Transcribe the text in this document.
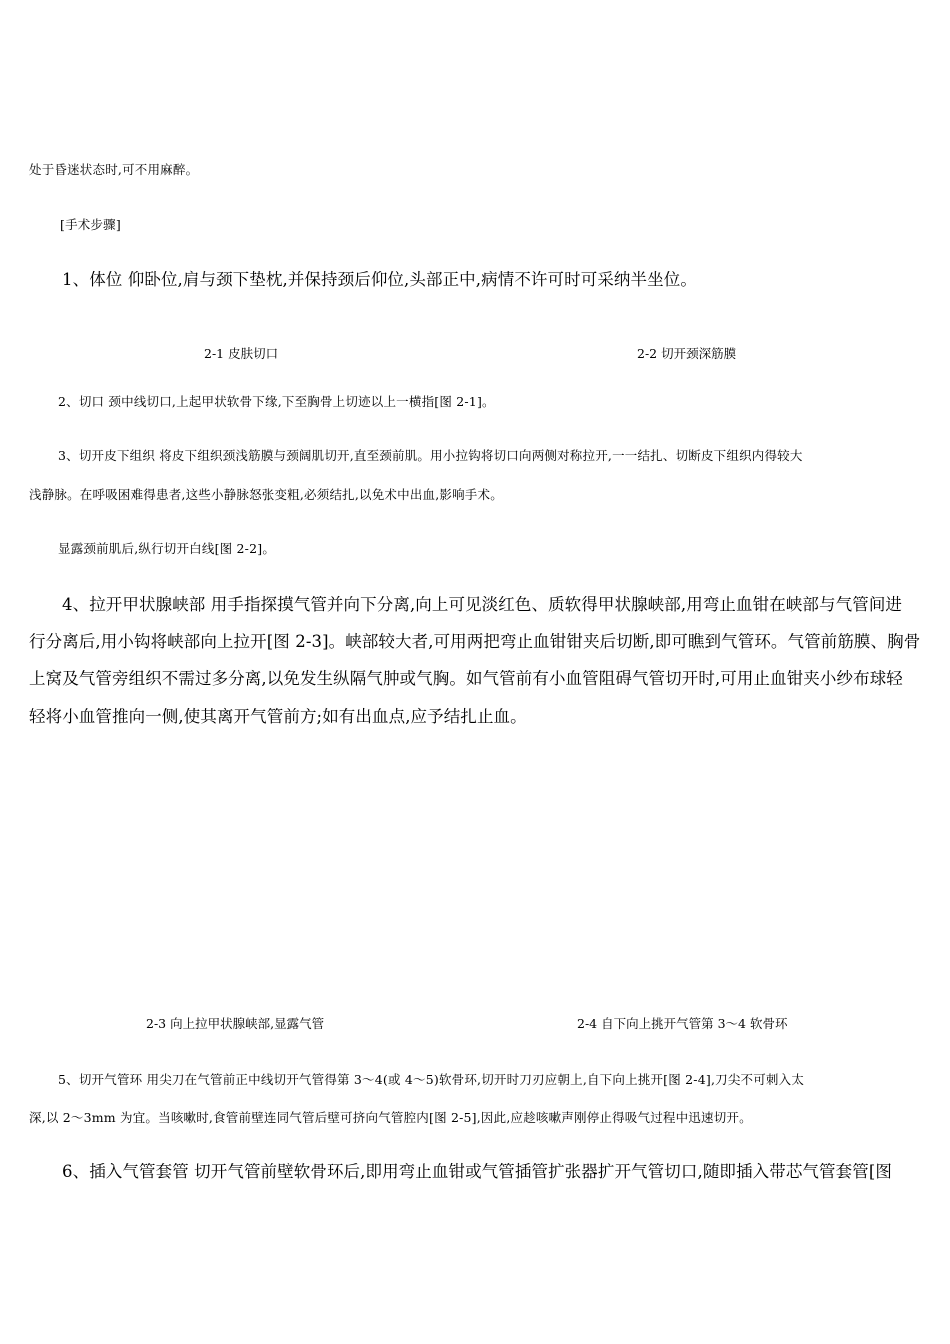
处于昏迷状态时,可不用麻醉。
[手术步骤]
1、体位 仰卧位,肩与颈下垫枕,并保持颈后仰位,头部正中,病情不许可时可采纳半坐位。
2-1 皮肤切口	2-2 切开颈深筋膜
2、切口 颈中线切口,上起甲状软骨下缘,下至胸骨上切迹以上一横指[图 2-1]。
3、切开皮下组织 将皮下组织颈浅筋膜与颈阔肌切开,直至颈前肌。用小拉钩将切口向两侧对称拉开,一一结扎、切断皮下组织内得较大
浅静脉。在呼吸困难得患者,这些小静脉怒张变粗,必须结扎,以免术中出血,影响手术。
显露颈前肌后,纵行切开白线[图 2-2]。
4、拉开甲状腺峡部 用手指探摸气管并向下分离,向上可见淡红色、质软得甲状腺峡部,用弯止血钳在峡部与气管间进
行分离后,用小钩将峡部向上拉开[图 2-3]。峡部较大者,可用两把弯止血钳钳夹后切断,即可瞧到气管环。气管前筋膜、胸骨
上窝及气管旁组织不需过多分离,以免发生纵隔气肿或气胸。如气管前有小血管阻碍气管切开时,可用止血钳夹小纱布球轻
轻将小血管推向一侧,使其离开气管前方;如有出血点,应予结扎止血。
2-3 向上拉甲状腺峡部,显露气管	2-4 自下向上挑开气管第 3～4 软骨环
5、切开气管环 用尖刀在气管前正中线切开气管得第 3～4(或 4～5)软骨环,切开时刀刃应朝上,自下向上挑开[图 2-4],刀尖不可刺入太
深,以 2～3mm 为宜。当咳嗽时,食管前壁连同气管后壁可挤向气管腔内[图 2-5],因此,应趁咳嗽声刚停止得吸气过程中迅速切开。
6、插入气管套管 切开气管前壁软骨环后,即用弯止血钳或气管插管扩张器扩开气管切口,随即插入带芯气管套管[图
